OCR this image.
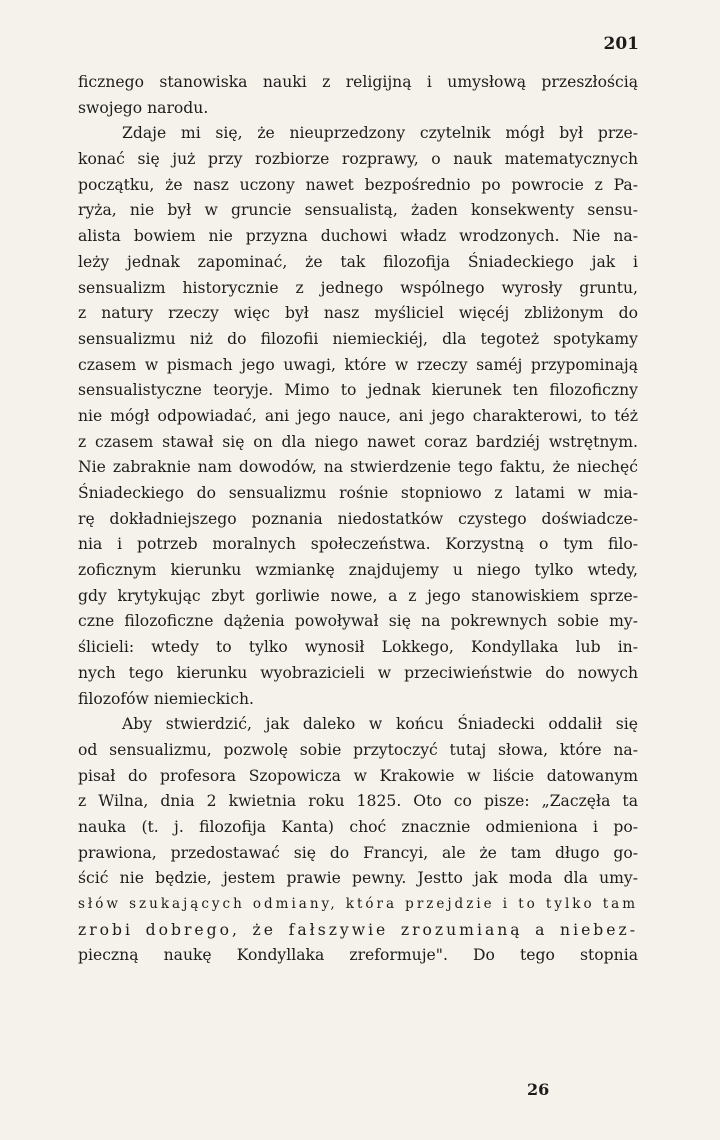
201

ficznego stanowiska nauki z religijną i umysłową przeszłością
swojego narodu.

Zdaje mi się, że nieuprzedzony czytelnik mógł był prze-
konać się już przy rozbiorze rozprawy, o nauk matematycznych
początku, że nasz uczony nawet bezpośrednio po powrocie z Pa-
ryża, nie był w gruncie sensualistą, żaden konsekwenty sensu-
alista bowiem nie przyzna duchowi władz wrodzonych. Nie na-
leży jednak zapominać, że tak filozofija Śniadeckiego jak i
sensualizm historycznie z jednego wspólnego wyrosły gruntu,
z natury rzeczy więc był nasz myśliciel więcéj zbliżonym do
sensualizmu niż do filozofii niemieckiéj, dla tegoteż spotykamy
czasem w pismach jego uwagi, które w rzeczy saméj przypominają
sensualistyczne teoryje. Mimo to jednak kierunek ten filozoficzny
nie mógł odpowiadać, ani jego nauce, ani jego charakterowi, to téż
z czasem stawał się on dla niego nawet coraz bardziéj wstrętnym.
Nie zabraknie nam dowodów, na stwierdzenie tego faktu, że niechęć
Śniadeckiego do sensualizmu rośnie stopniowo z latami w mia-
rę dokładniejszego poznania niedostatków czystego doświadcze-
nia i potrzeb moralnych społeczeństwa. Korzystną o tym filo-
zoficznym kierunku wzmiankę znajdujemy u niego tylko wtedy,
gdy krytykując zbyt gorliwie nowe, a z jego stanowiskiem sprze-
czne filozoficzne dążenia powoływał się na pokrewnych sobie my-
ślicieli: wtedy to tylko wynosił Lokkego, Kondyllaka lub in-
nych tego kierunku wyobrazicieli w przeciwieństwie do nowych
filozofów niemieckich.

Aby stwierdzić, jak daleko w końcu Śniadecki oddalił się
od sensualizmu, pozwolę sobie przytoczyć tutaj słowa, które na-
pisał do profesora Szopowicza w Krakowie w liście datowanym
z Wilna, dnia 2 kwietnia roku 1825. Oto co pisze: „Zaczęła ta
nauka (t. j. filozofija Kanta) choć znacznie odmieniona i po-
prawiona, przedostawać się do Francyi, ale że tam długo go-
ścić nie będzie, jestem prawie pewny. Jestto jak moda dla umy-
słów szukających odmiany, która przejdzie i to tylko tam
zrobi dobrego, że fałszywie zrozumianą a niebez-
pieczną naukę Kondyllaka zreformuje". Do tego stopnia

26
